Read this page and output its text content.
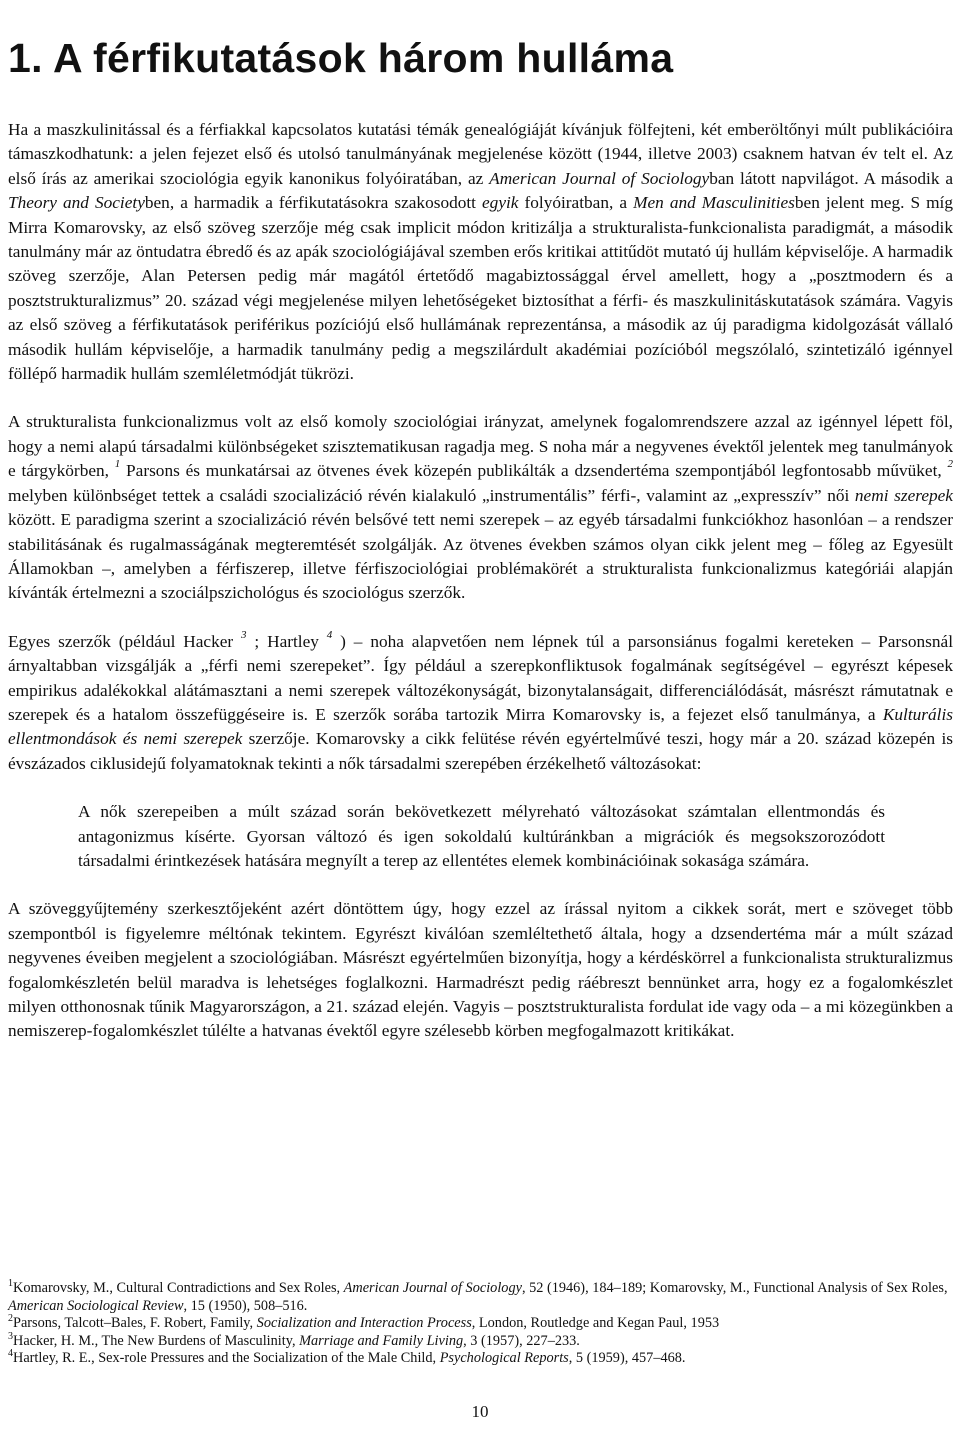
1. A férfikutatások három hulláma

Ha a maszkulinitással és a férfiakkal kapcsolatos kutatási témák genealógiáját kívánjuk fölfejteni, két emberöltőnyi múlt publikációira támaszkodhatunk: a jelen fejezet első és utolsó tanulmányának megjelenése között (1944, illetve 2003) csaknem hatvan év telt el. Az első írás az amerikai szociológia egyik kanonikus folyóiratában, az American Journal of Sociologyban látott napvilágot. A második a Theory and Societyben, a harmadik a férfikutatásokra szakosodott egyik folyóiratban, a Men and Masculinitiesben jelent meg. S míg Mirra Komarovsky, az első szöveg szerzője még csak implicit módon kritizálja a strukturalista-funkcionalista paradigmát, a második tanulmány már az öntudatra ébredő és az apák szociológiájával szemben erős kritikai attitűdöt mutató új hullám képviselője. A harmadik szöveg szerzője, Alan Petersen pedig már magától értetődő magabiztossággal érvel amellett, hogy a „posztmodern és a posztstrukturalizmus” 20. század végi megjelenése milyen lehetőségeket biztosíthat a férfi- és maszkulinitáskutatások számára. Vagyis az első szöveg a férfikutatások periférikus pozíciójú első hullámának reprezentánsa, a második az új paradigma kidolgozását vállaló második hullám képviselője, a harmadik tanulmány pedig a megszilárdult akadémiai pozícióból megszólaló, szintetizáló igénnyel föllépő harmadik hullám szemléletmódját tükrözi.

A strukturalista funkcionalizmus volt az első komoly szociológiai irányzat, amelynek fogalomrendszere azzal az igénnyel lépett föl, hogy a nemi alapú társadalmi különbségeket szisztematikusan ragadja meg. S noha már a negyvenes évektől jelentek meg tanulmányok e tárgykörben, $^1$ Parsons és munkatársai az ötvenes évek közepén publikálták a dzsendertéma szempontjából legfontosabb művüket, $^2$ melyben különbséget tettek a családi szocializáció révén kialakuló „instrumentális” férfi-, valamint az „expresszív” női nemi szerepek között. E paradigma szerint a szocializáció révén belsővé tett nemi szerepek – az egyéb társadalmi funkciókhoz hasonlóan – a rendszer stabilitásának és rugalmasságának megteremtését szolgálják. Az ötvenes években számos olyan cikk jelent meg – főleg az Egyesült Államokban –, amelyben a férfiszerep, illetve férfiszociológiai problémakörét a strukturalista funkcionalizmus kategóriái alapján kívánták értelmezni a szociálpszichológus és szociológus szerzők.

Egyes szerzők (például Hacker $^3$ ; Hartley $^4$ ) – noha alapvetően nem lépnek túl a parsonsiánus fogalmi kereteken – Parsonsnál árnyaltabban vizsgálják a „férfi nemi szerepeket”. Így például a szerepkonfliktusok fogalmának segítségével – egyrészt képesek empirikus adalékokkal alátámasztani a nemi szerepek változékonyságát, bizonytalanságait, differenciálódását, másrészt rámutatnak e szerepek és a hatalom összefüggéseire is. E szerzők sorába tartozik Mirra Komarovsky is, a fejezet első tanulmánya, a Kulturális ellentmondások és nemi szerepek szerzője. Komarovsky a cikk felütése révén egyértelművé teszi, hogy már a 20. század közepén is évszázados ciklusidejű folyamatoknak tekinti a nők társadalmi szerepében érzékelhető változásokat:

A nők szerepeiben a múlt század során bekövetkezett mélyreható változásokat számtalan ellentmondás és antagonizmus kísérte. Gyorsan változó és igen sokoldalú kultúránkban a migrációk és megsokszorozódott társadalmi érintkezések hatására megnyílt a terep az ellentétes elemek kombinációinak sokasága számára.

A szöveggyűjtemény szerkesztőjeként azért döntöttem úgy, hogy ezzel az írással nyitom a cikkek sorát, mert e szöveget több szempontból is figyelemre méltónak tekintem. Egyrészt kiválóan szemléltethető általa, hogy a dzsendertéma már a múlt század negyvenes éveiben megjelent a szociológiában. Másrészt egyértelműen bizonyítja, hogy a kérdéskörrel a funkcionalista strukturalizmus fogalomkészletén belül maradva is lehetséges foglalkozni. Harmadrészt pedig ráébreszt bennünket arra, hogy ez a fogalomkészlet milyen otthonosnak tűnik Magyarországon, a 21. század elején. Vagyis – posztstrukturalista fordulat ide vagy oda – a mi közegünkben a nemiszerep-fogalomkészlet túlélte a hatvanas évektől egyre szélesebb körben megfogalmazott kritikákat.

$^1$Komarovsky, M., Cultural Contradictions and Sex Roles, American Journal of Sociology, 52 (1946), 184–189; Komarovsky, M., Functional Analysis of Sex Roles, American Sociological Review, 15 (1950), 508–516.

$^2$Parsons, Talcott–Bales, F. Robert, Family, Socialization and Interaction Process, London, Routledge and Kegan Paul, 1953

$^3$Hacker, H. M., The New Burdens of Masculinity, Marriage and Family Living, 3 (1957), 227–233.

$^4$Hartley, R. E., Sex-role Pressures and the Socialization of the Male Child, Psychological Reports, 5 (1959), 457–468.

10
